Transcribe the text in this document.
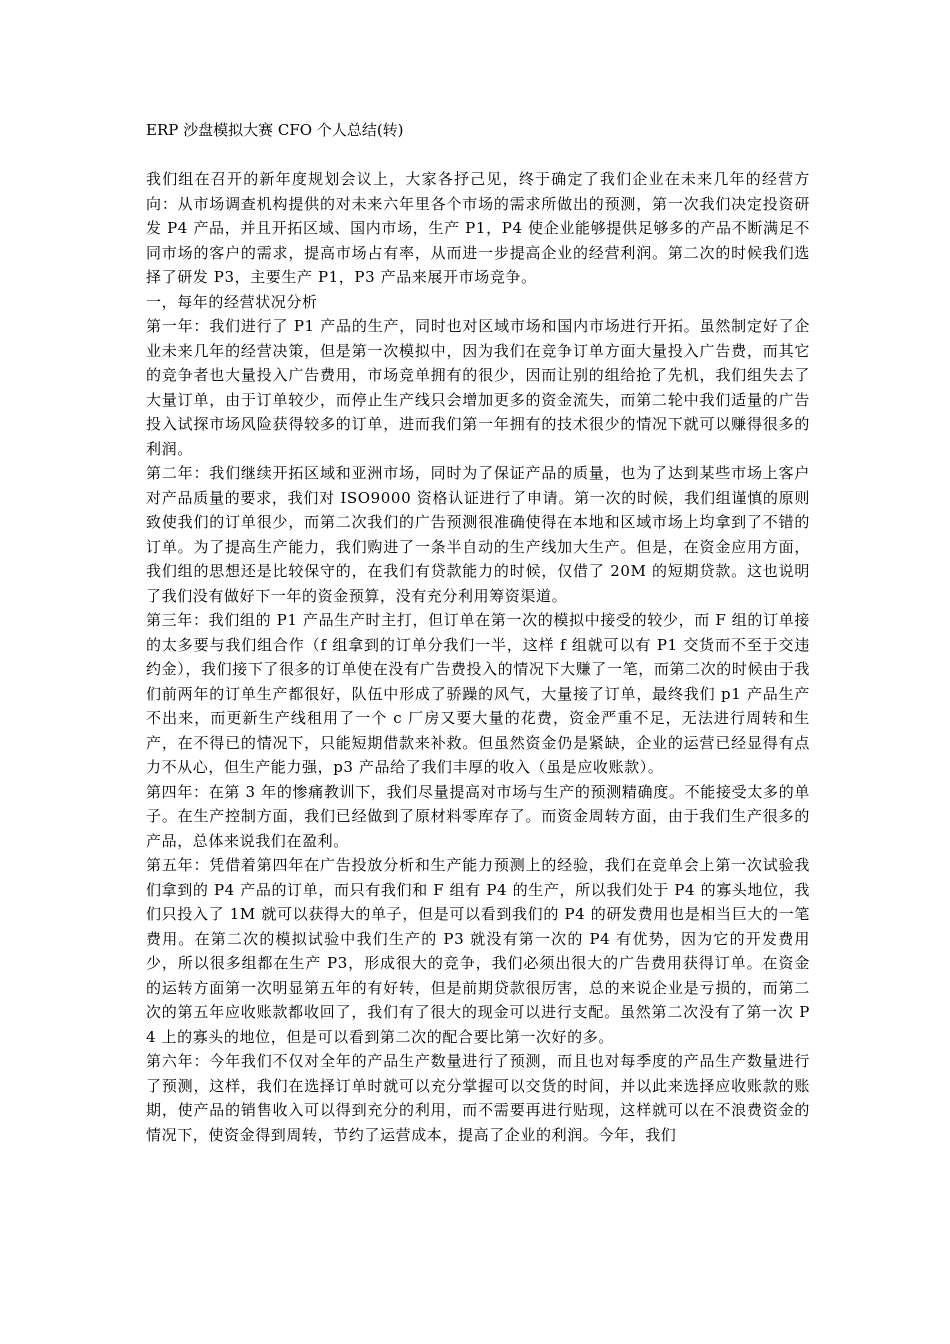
ERP 沙盘模拟大赛 CFO 个人总结(转)

我们组在召开的新年度规划会议上，大家各抒己见，终于确定了我们企业在未来几年的经营方向：从市场调查机构提供的对未来六年里各个市场的需求所做出的预测，第一次我们决定投资研发 P4 产品，并且开拓区域、国内市场，生产 P1，P4 使企业能够提供足够多的产品不断满足不同市场的客户的需求，提高市场占有率，从而进一步提高企业的经营利润。第二次的时候我们选择了研发 P3，主要生产 P1，P3 产品来展开市场竞争。

一，每年的经营状况分析

第一年：我们进行了 P1 产品的生产，同时也对区域市场和国内市场进行开拓。虽然制定好了企业未来几年的经营决策，但是第一次模拟中，因为我们在竞争订单方面大量投入广告费，而其它的竞争者也大量投入广告费用，市场竞单拥有的很少，因而让别的组给抢了先机，我们组失去了大量订单，由于订单较少，而停止生产线只会增加更多的资金流失，而第二轮中我们适量的广告投入试探市场风险获得较多的订单，进而我们第一年拥有的技术很少的情况下就可以赚得很多的利润。

第二年：我们继续开拓区域和亚洲市场，同时为了保证产品的质量，也为了达到某些市场上客户对产品质量的要求，我们对 ISO9000 资格认证进行了申请。第一次的时候，我们组谨慎的原则致使我们的订单很少，而第二次我们的广告预测很准确使得在本地和区域市场上均拿到了不错的订单。为了提高生产能力，我们购进了一条半自动的生产线加大生产。但是，在资金应用方面，我们组的思想还是比较保守的，在我们有贷款能力的时候，仅借了 20M 的短期贷款。这也说明了我们没有做好下一年的资金预算，没有充分利用筹资渠道。

第三年：我们组的 P1 产品生产时主打，但订单在第一次的模拟中接受的较少，而 F 组的订单接的太多要与我们组合作（f 组拿到的订单分我们一半，这样 f 组就可以有 P1 交货而不至于交违约金），我们接下了很多的订单使在没有广告费投入的情况下大赚了一笔，而第二次的时候由于我们前两年的订单生产都很好，队伍中形成了骄躁的风气，大量接了订单，最终我们 p1 产品生产不出来，而更新生产线租用了一个 c 厂房又要大量的花费，资金严重不足，无法进行周转和生产，在不得已的情况下，只能短期借款来补救。但虽然资金仍是紧缺，企业的运营已经显得有点力不从心，但生产能力强，p3 产品给了我们丰厚的收入（虽是应收账款）。

第四年：在第 3 年的惨痛教训下，我们尽量提高对市场与生产的预测精确度。不能接受太多的单子。在生产控制方面，我们已经做到了原材料零库存了。而资金周转方面，由于我们生产很多的产品，总体来说我们在盈利。

第五年：凭借着第四年在广告投放分析和生产能力预测上的经验，我们在竞单会上第一次试验我们拿到的 P4 产品的订单，而只有我们和 F 组有 P4 的生产，所以我们处于 P4 的寡头地位，我们只投入了 1M 就可以获得大的单子，但是可以看到我们的 P4 的研发费用也是相当巨大的一笔费用。在第二次的模拟试验中我们生产的 P3 就没有第一次的 P4 有优势，因为它的开发费用少，所以很多组都在生产 P3，形成很大的竞争，我们必须出很大的广告费用获得订单。在资金的运转方面第一次明显第五年的有好转，但是前期贷款很厉害，总的来说企业是亏损的，而第二次的第五年应收账款都收回了，我们有了很大的现金可以进行支配。虽然第二次没有了第一次 P4 上的寡头的地位，但是可以看到第二次的配合要比第一次好的多。

第六年：今年我们不仅对全年的产品生产数量进行了预测，而且也对每季度的产品生产数量进行了预测，这样，我们在选择订单时就可以充分掌握可以交货的时间，并以此来选择应收账款的账期，使产品的销售收入可以得到充分的利用，而不需要再进行贴现，这样就可以在不浪费资金的情况下，使资金得到周转，节约了运营成本，提高了企业的利润。今年，我们
